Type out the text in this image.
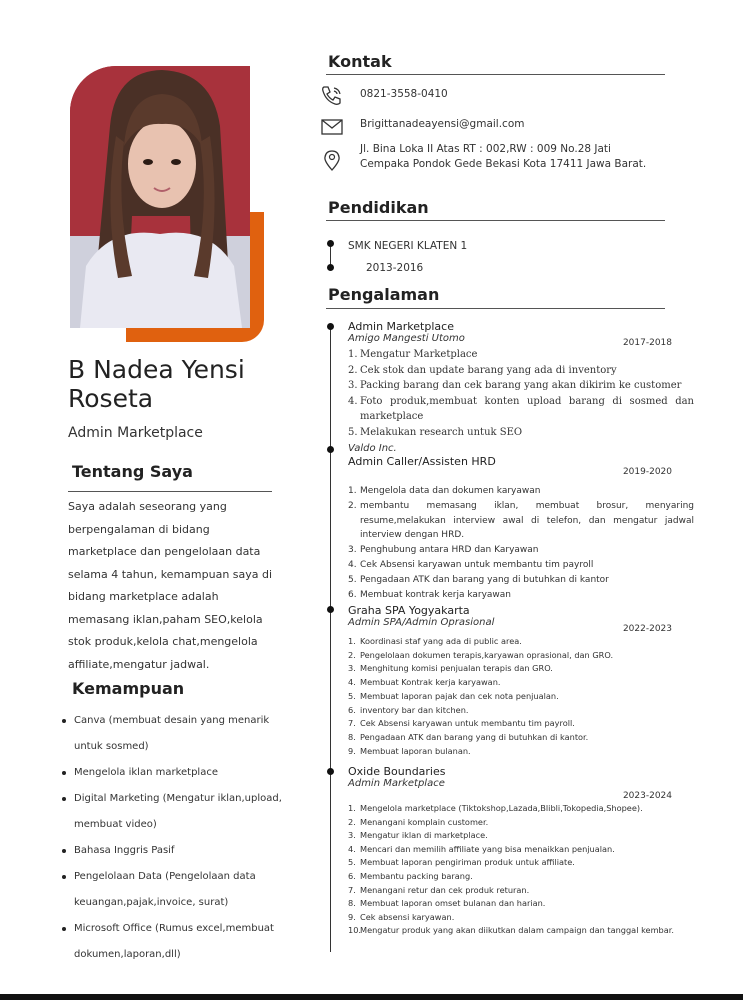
B Nadea Yensi
Roseta
Admin Marketplace
Tentang Saya
Saya adalah seseorang yang berpengalaman di bidang marketplace dan pengelolaan data selama 4 tahun, kemampuan saya di bidang marketplace adalah memasang iklan,paham SEO,kelola stok produk,kelola chat,mengelola affiliate,mengatur jadwal.
Kemampuan
Canva (membuat desain yang menarik untuk sosmed)
Mengelola iklan marketplace
Digital Marketing (Mengatur iklan,upload, membuat video)
Bahasa Inggris Pasif
Pengelolaan Data (Pengelolaan data keuangan,pajak,invoice, surat)
Microsoft Office (Rumus excel,membuat dokumen,laporan,dll)
Kontak
0821-3558-0410
Brigittanadeayensi@gmail.com
Jl. Bina Loka II Atas RT : 002,RW : 009 No.28 Jati Cempaka Pondok Gede Bekasi Kota 17411 Jawa Barat.
Pendidikan
SMK NEGERI KLATEN 1
2013-2016
Pengalaman
Admin Marketplace
Amigo Mangesti Utomo	2017-2018
1. Mengatur Marketplace
2. Cek stok dan update barang yang ada di inventory
3. Packing barang dan cek barang yang akan dikirim ke customer
4. Foto produk,membuat konten upload barang di sosmed dan marketplace
5. Melakukan research untuk SEO
Valdo Inc.
Admin Caller/Assisten HRD
2019-2020
1. Mengelola data dan dokumen karyawan
2. membantu memasang iklan, membuat brosur, menyaring resume,melakukan interview awal di telefon, dan mengatur jadwal interview dengan HRD.
3. Penghubung antara HRD dan Karyawan
4. Cek Absensi karyawan untuk membantu tim payroll
5. Pengadaan ATK dan barang yang di butuhkan di kantor
6. Membuat kontrak kerja karyawan
Graha SPA Yogyakarta
Admin SPA/Admin Oprasional
2022-2023
1. Koordinasi staf yang ada di public area.
2. Pengelolaan dokumen terapis,karyawan oprasional, dan GRO.
3. Menghitung komisi penjualan terapis dan GRO.
4. Membuat Kontrak kerja karyawan.
5. Membuat laporan pajak dan cek nota penjualan.
6. inventory bar dan kitchen.
7. Cek Absensi karyawan untuk membantu tim payroll.
8. Pengadaan ATK dan barang yang di butuhkan di kantor.
9. Membuat laporan bulanan.
Oxide Boundaries
Admin Marketplace
2023-2024
1. Mengelola marketplace (Tiktokshop,Lazada,Blibli,Tokopedia,Shopee).
2. Menangani komplain customer.
3. Mengatur iklan di marketplace.
4. Mencari dan memilih affiliate yang bisa menaikkan penjualan.
5. Membuat laporan pengiriman produk untuk affiliate.
6. Membantu packing barang.
7. Menangani retur dan cek produk returan.
8. Membuat laporan omset bulanan dan harian.
9. Cek absensi karyawan.
10.
Mengatur produk yang akan diikutkan dalam campaign dan tanggal kembar.
